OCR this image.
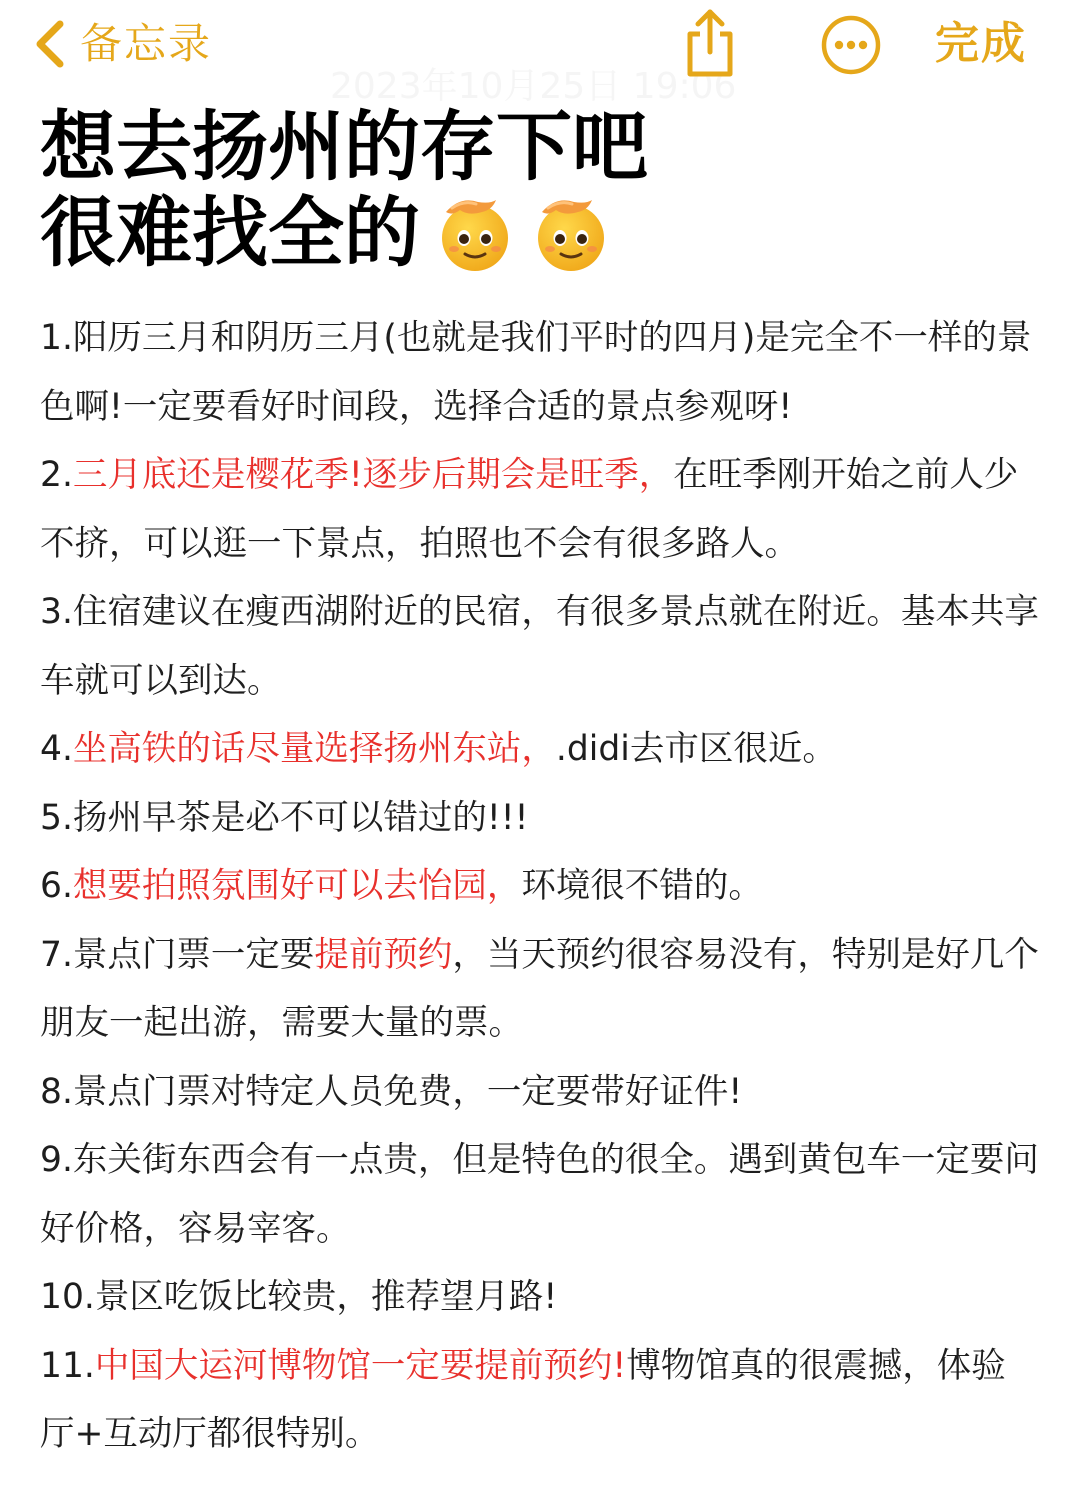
备忘录
2023年10月25日 19:06
完成
想去扬州的存下吧
很难找全的

1.阳历三月和阴历三月(也就是我们平时的四月)是完全不一样的景色啊!一定要看好时间段，选择合适的景点参观呀!

2.三月底还是樱花季!逐步后期会是旺季，在旺季刚开始之前人少不挤，可以逛一下景点，拍照也不会有很多路人。

3.住宿建议在瘦西湖附近的民宿，有很多景点就在附近。基本共享车就可以到达。

4.坐高铁的话尽量选择扬州东站，.didi去市区很近。

5.扬州早茶是必不可以错过的!!!

6.想要拍照氛围好可以去怡园，环境很不错的。

7.景点门票一定要提前预约，当天预约很容易没有，特别是好几个朋友一起出游，需要大量的票。

8.景点门票对特定人员免费，一定要带好证件!

9.东关街东西会有一点贵，但是特色的很全。遇到黄包车一定要问好价格，容易宰客。

10.景区吃饭比较贵，推荐望月路!

11.中国大运河博物馆一定要提前预约!博物馆真的很震撼，体验厅+互动厅都很特别。
